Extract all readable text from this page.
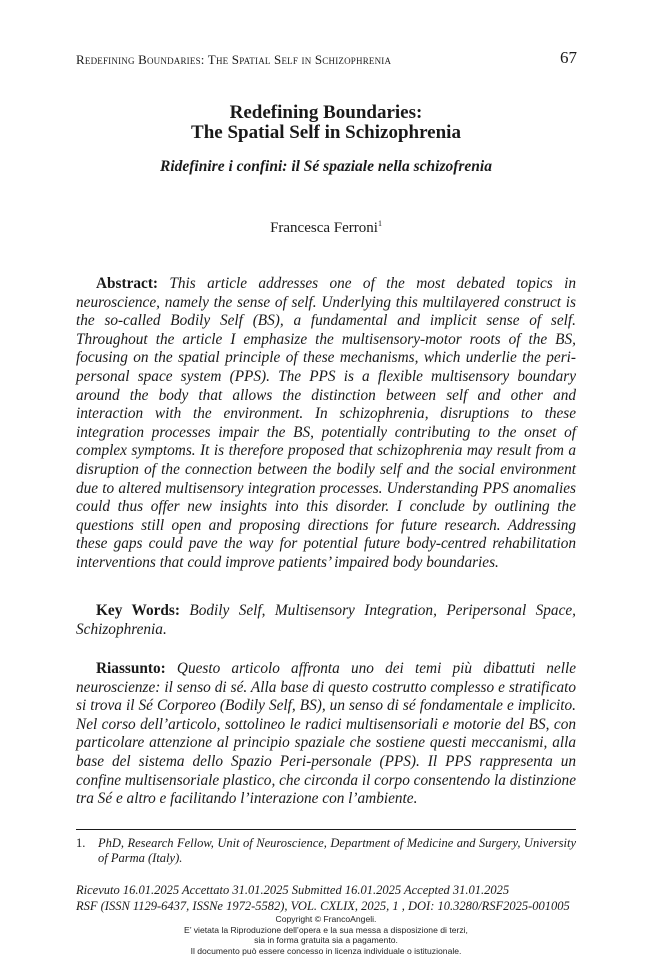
Redefining Boundaries: The Spatial Self in Schizophrenia	67
Redefining Boundaries:
The Spatial Self in Schizophrenia
Ridefinire i confini: il Sé spaziale nella schizofrenia
Francesca Ferroni$^1$

Abstract: This article addresses one of the most debated topics in neuroscience, namely the sense of self. Underlying this multilayered construct is the so-called Bodily Self (BS), a fundamental and implicit sense of self. Throughout the article I emphasize the multisensory-motor roots of the BS, focusing on the spatial principle of these mechanisms, which underlie the peri-personal space system (PPS). The PPS is a flexible multisensory boundary around the body that allows the distinction between self and other and interaction with the environment. In schizophrenia, disruptions to these integration processes impair the BS, potentially contributing to the onset of complex symptoms. It is therefore proposed that schizophrenia may result from a disruption of the connection between the bodily self and the social environment due to altered multisensory integration processes. Understanding PPS anomalies could thus offer new insights into this disorder. I conclude by outlining the questions still open and proposing directions for future research. Addressing these gaps could pave the way for potential future body-centred rehabilitation interventions that could improve patients’ impaired body boundaries.

Key Words: Bodily Self, Multisensory Integration, Peripersonal Space, Schizophrenia.

Riassunto: Questo articolo affronta uno dei temi più dibattuti nelle neuroscienze: il senso di sé. Alla base di questo costrutto complesso e stratificato si trova il Sé Corporeo (Bodily Self, BS), un senso di sé fondamentale e implicito. Nel corso dell’articolo, sottolineo le radici multisensoriali e motorie del BS, con particolare attenzione al principio spaziale che sostiene questi meccanismi, alla base del sistema dello Spazio Peri-personale (PPS). Il PPS rappresenta un confine multisensoriale plastico, che circonda il corpo consentendo la distinzione tra Sé e altro e facilitando l’interazione con l’ambiente.

1. PhD, Research Fellow, Unit of Neuroscience, Department of Medicine and Surgery, University of Parma (Italy).
Ricevuto 16.01.2025 Accettato 31.01.2025 Submitted 16.01.2025 Accepted 31.01.2025
RSF (ISSN 1129-6437, ISSNe 1972-5582), VOL. CXLIX, 2025, 1 , DOI: 10.3280/RSF2025-001005
Copyright © FrancoAngeli.
E’ vietata la Riproduzione dell’opera e la sua messa a disposizione di terzi,
sia in forma gratuita sia a pagamento.
Il documento può essere concesso in licenza individuale o istituzionale.
